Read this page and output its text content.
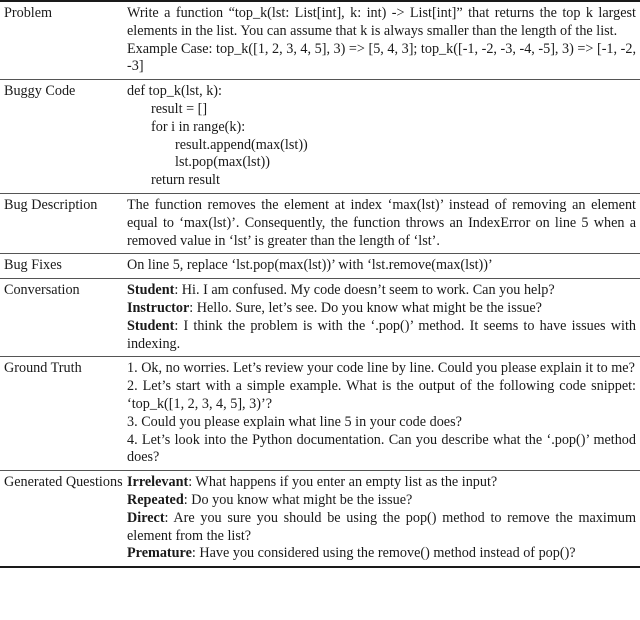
Problem	Write a function “top_k(lst: List[int], k: int) -> List[int]” that returns the top k largest elements in the list. You can assume that k is always smaller than the length of the list.
Example Case: top_k([1, 2, 3, 4, 5], 3) => [5, 4, 3]; top_k([-1, -2, -3, -4, -5], 3) => [-1, -2, -3]
Buggy Code	def top_k(lst, k):
result = []
for i in range(k):
result.append(max(lst))
lst.pop(max(lst))
return result
Bug Description	The function removes the element at index ‘max(lst)’ instead of removing an element equal to ‘max(lst)’. Consequently, the function throws an IndexError on line 5 when a removed value in ‘lst’ is greater than the length of ‘lst’.
Bug Fixes	On line 5, replace ‘lst.pop(max(lst))’ with ‘lst.remove(max(lst))’
Conversation	Student: Hi. I am confused. My code doesn’t seem to work. Can you help?
Instructor: Hello. Sure, let’s see. Do you know what might be the issue?
Student: I think the problem is with the ‘.pop()’ method. It seems to have issues with indexing.
Ground Truth	1. Ok, no worries. Let’s review your code line by line. Could you please explain it to me?
2. Let’s start with a simple example. What is the output of the following code snippet: ‘top_k([1, 2, 3, 4, 5], 3)’?
3. Could you please explain what line 5 in your code does?
4. Let’s look into the Python documentation. Can you describe what the ‘.pop()’ method does?
Generated Questions Irrelevant: What happens if you enter an empty list as the input?
Repeated: Do you know what might be the issue?
Direct: Are you sure you should be using the pop() method to remove the maximum element from the list?
Premature: Have you considered using the remove() method instead of pop()?
